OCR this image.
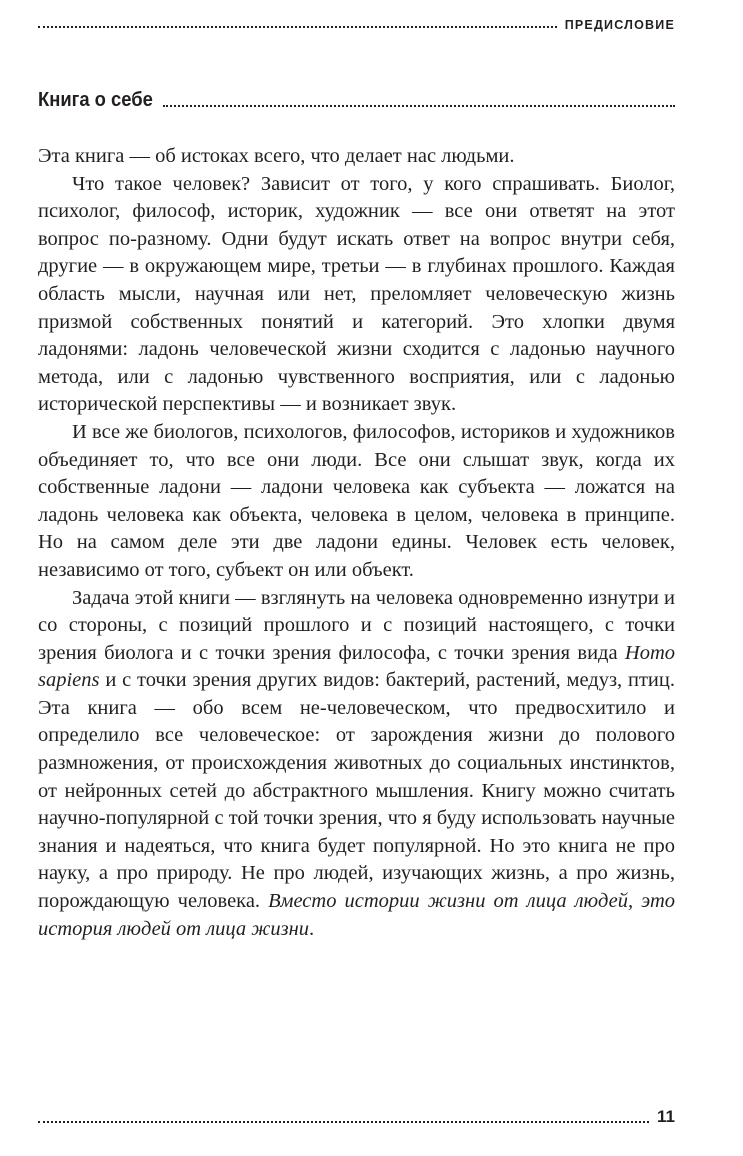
ПРЕДИСЛОВИЕ
Книга о себе

Эта книга — об истоках всего, что делает нас людьми.

Что такое человек? Зависит от того, у кого спрашивать. Биолог, психолог, философ, историк, художник — все они ответят на этот вопрос по-разному. Одни будут искать ответ на вопрос внутри себя, другие — в окружающем мире, третьи — в глубинах прошлого. Каждая область мысли, научная или нет, преломляет человеческую жизнь призмой собственных понятий и категорий. Это хлопки двумя ладонями: ладонь человеческой жизни сходится с ладонью научного метода, или с ладонью чувственного восприятия, или с ладонью исторической перспективы — и возникает звук.

И все же биологов, психологов, философов, историков и художников объединяет то, что все они люди. Все они слышат звук, когда их собственные ладони — ладони человека как субъекта — ложатся на ладонь человека как объекта, человека в целом, человека в принципе. Но на самом деле эти две ладони едины. Человек есть человек, независимо от того, субъект он или объект.

Задача этой книги — взглянуть на человека одновременно изнутри и со стороны, с позиций прошлого и с позиций настоящего, с точки зрения биолога и с точки зрения философа, с точки зрения вида Homo sapiens и с точки зрения других видов: бактерий, растений, медуз, птиц. Эта книга — обо всем не-человеческом, что предвосхитило и определило все человеческое: от зарождения жизни до полового размножения, от происхождения животных до социальных инстинктов, от нейронных сетей до абстрактного мышления. Книгу можно считать научно-популярной с той точки зрения, что я буду использовать научные знания и надеяться, что книга будет популярной. Но это книга не про науку, а про природу. Не про людей, изучающих жизнь, а про жизнь, порождающую человека. Вместо истории жизни от лица людей, это история людей от лица жизни.

11
